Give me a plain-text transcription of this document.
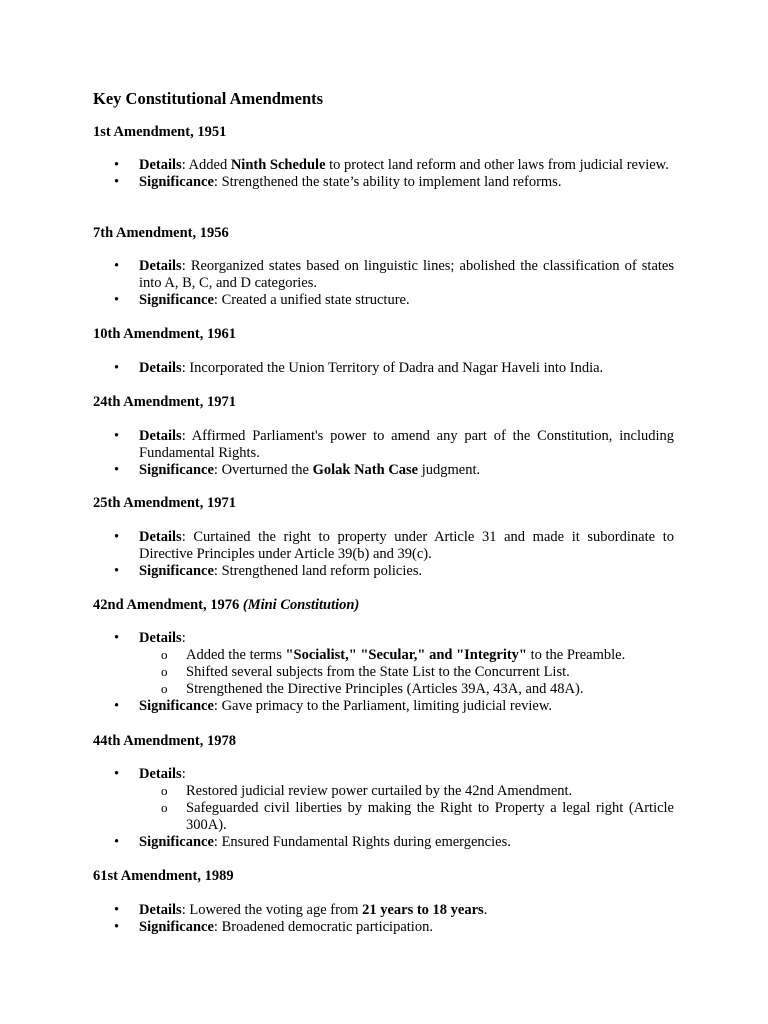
Key Constitutional Amendments
1st Amendment, 1951
• Details: Added Ninth Schedule to protect land reform and other laws from judicial review.
• Significance: Strengthened the state’s ability to implement land reforms.
7th Amendment, 1956
• Details: Reorganized states based on linguistic lines; abolished the classification of states into A, B, C, and D categories.
• Significance: Created a unified state structure.
10th Amendment, 1961
• Details: Incorporated the Union Territory of Dadra and Nagar Haveli into India.
24th Amendment, 1971
• Details: Affirmed Parliament's power to amend any part of the Constitution, including Fundamental Rights.
• Significance: Overturned the Golak Nath Case judgment.
25th Amendment, 1971
• Details: Curtained the right to property under Article 31 and made it subordinate to Directive Principles under Article 39(b) and 39(c).
• Significance: Strengthened land reform policies.
42nd Amendment, 1976 (Mini Constitution)
• Details:
o Added the terms "Socialist," "Secular," and "Integrity" to the Preamble.
o Shifted several subjects from the State List to the Concurrent List.
o Strengthened the Directive Principles (Articles 39A, 43A, and 48A).
• Significance: Gave primacy to the Parliament, limiting judicial review.
44th Amendment, 1978
• Details:
o Restored judicial review power curtailed by the 42nd Amendment.
o Safeguarded civil liberties by making the Right to Property a legal right (Article 300A).
• Significance: Ensured Fundamental Rights during emergencies.
61st Amendment, 1989
• Details: Lowered the voting age from 21 years to 18 years.
• Significance: Broadened democratic participation.
